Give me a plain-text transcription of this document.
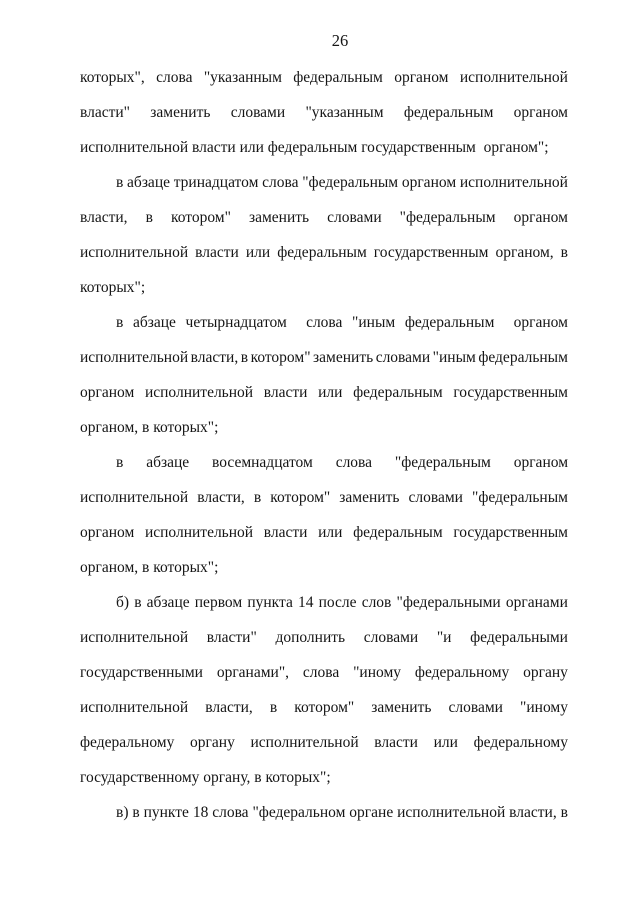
26
которых", слова "указанным федеральным органом исполнительной
власти" заменить словами "указанным федеральным органом
исполнительной власти или федеральным государственным  органом";
в абзаце тринадцатом слова "федеральным органом исполнительной
власти, в котором" заменить словами "федеральным органом
исполнительной власти или федеральным государственным органом, в
которых";
в абзаце четырнадцатом слова "иным федеральным органом
исполнительной власти, в котором" заменить словами "иным федеральным
органом исполнительной власти или федеральным государственным
органом, в которых";
в абзаце восемнадцатом слова "федеральным органом
исполнительной власти, в котором" заменить словами "федеральным
органом исполнительной власти или федеральным государственным
органом, в которых";
б) в абзаце первом пункта 14 после слов "федеральными органами
исполнительной власти" дополнить словами "и федеральными
государственными органами", слова "иному федеральному органу
исполнительной власти, в котором" заменить словами "иному
федеральному органу исполнительной власти или федеральному
государственному органу, в которых";
в) в пункте 18 слова "федеральном органе исполнительной власти, в
